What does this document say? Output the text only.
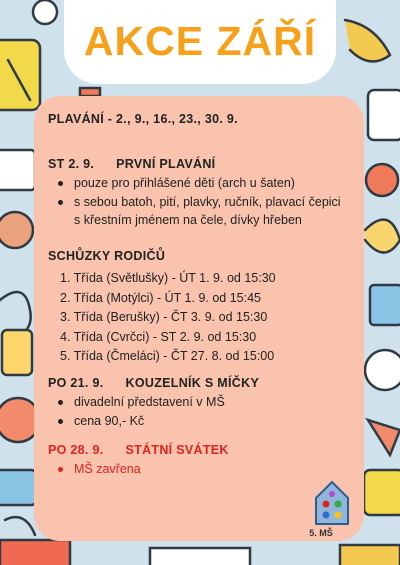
AKCE ZÁŘÍ
PLAVÁNÍ - 2., 9., 16., 23., 30. 9.
ST 2. 9. PRVNÍ PLAVÁNÍ
pouze pro přihlášené děti (arch u šaten)
s sebou batoh, pití, plavky, ručník, plavací čepici
s křestním jménem na čele, dívky hřeben
SCHŮZKY RODIČŮ
1. Třída (Světlušky) - ÚT 1. 9. od 15:30
2. Třída (Motýlci) - ÚT 1. 9. od 15:45
3. Třída (Berušky) - ČT 3. 9. od 15:30
4. Třída (Cvrčci) - ST 2. 9. od 15:30
5. Třída (Čmeláci) - ČT 27. 8. od 15:00
PO 21. 9. KOUZELNÍK S MÍČKY
divadelní představení v MŠ
cena 90,- Kč
PO 28. 9. STÁTNÍ SVÁTEK
MŠ zavřena
5. MŠ
